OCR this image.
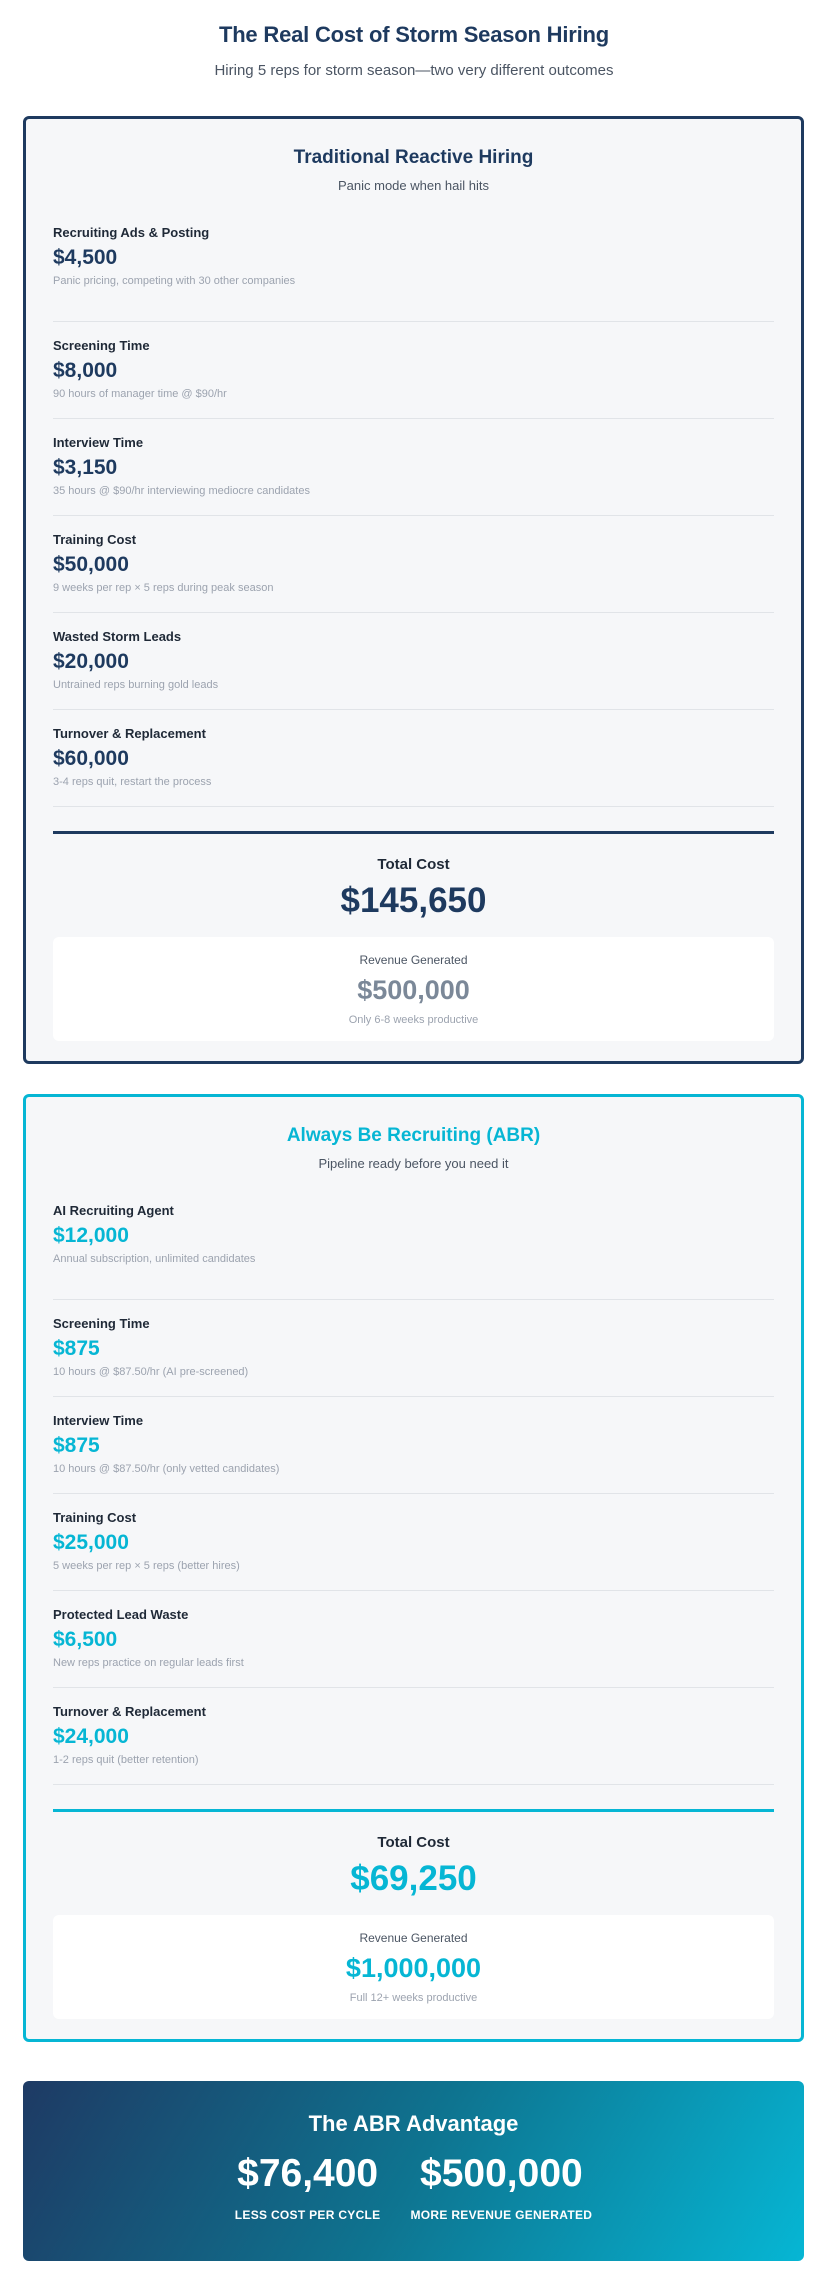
The Real Cost of Storm Season Hiring

Hiring 5 reps for storm season—two very different outcomes

Traditional Reactive Hiring
Panic mode when hail hits
Recruiting Ads & Posting
$4,500
Panic pricing, competing with 30 other companies
Screening Time
$8,000
90 hours of manager time @ $90/hr
Interview Time
$3,150
35 hours @ $90/hr interviewing mediocre candidates
Training Cost
$50,000
9 weeks per rep × 5 reps during peak season
Wasted Storm Leads
$20,000
Untrained reps burning gold leads
Turnover & Replacement
$60,000
3-4 reps quit, restart the process
Total Cost
$145,650
Revenue Generated
$500,000
Only 6-8 weeks productive
Always Be Recruiting (ABR)
Pipeline ready before you need it
AI Recruiting Agent
$12,000
Annual subscription, unlimited candidates
Screening Time
$875
10 hours @ $87.50/hr (AI pre-screened)
Interview Time
$875
10 hours @ $87.50/hr (only vetted candidates)
Training Cost
$25,000
5 weeks per rep × 5 reps (better hires)
Protected Lead Waste
$6,500
New reps practice on regular leads first
Turnover & Replacement
$24,000
1-2 reps quit (better retention)
Total Cost
$69,250
Revenue Generated
$1,000,000
Full 12+ weeks productive
The ABR Advantage
$76,400
LESS COST PER CYCLE
$500,000
MORE REVENUE GENERATED
